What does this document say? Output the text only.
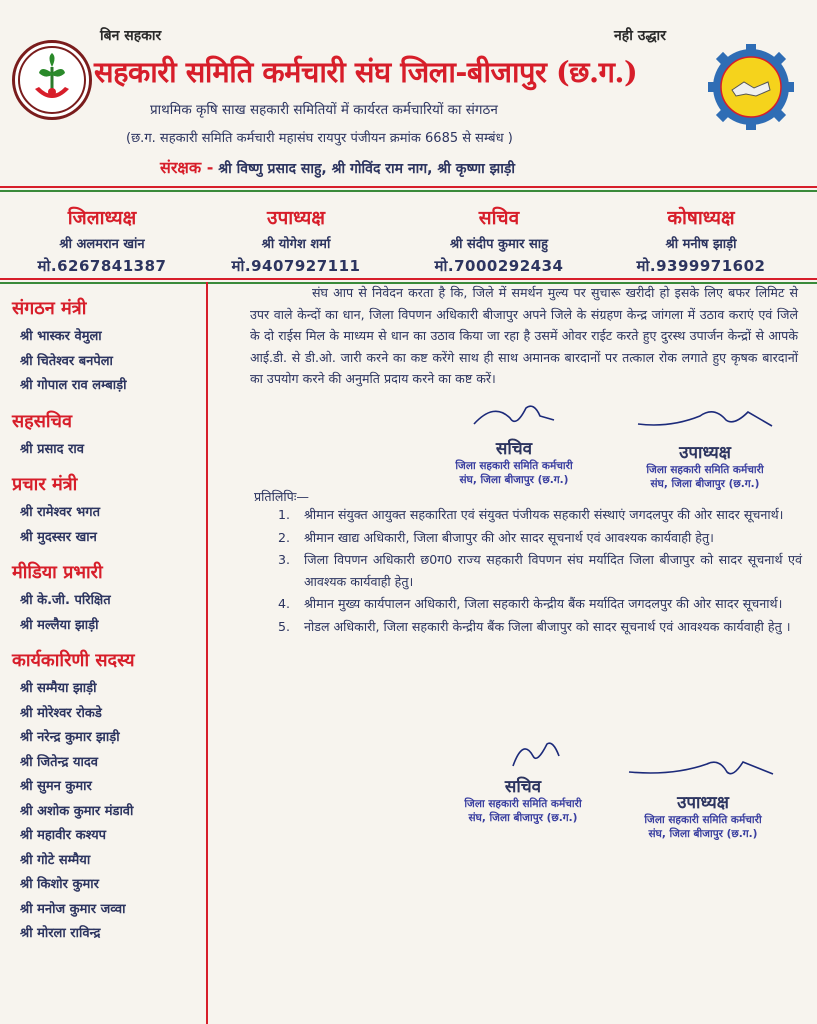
बिन सहकार	नही उद्धार
सहकारी समिति कर्मचारी संघ जिला-बीजापुर (छ.ग.)
प्राथमिक कृषि साख सहकारी समितियों में कार्यरत कर्मचारियों का संगठन
(छ.ग. सहकारी समिति कर्मचारी महासंघ रायपुर पंजीयन क्रमांक 6685 से सम्बंध )
संरक्षक - श्री विष्णु प्रसाद साहु, श्री गोविंद राम नाग, श्री कृष्णा झाड़ी
जिलाध्यक्ष
श्री अलमरान खांन
मो.6267841387
उपाध्यक्ष
श्री योगेश शर्मा
मो.9407927111
सचिव
श्री संदीप कुमार साहु
मो.7000292434
कोषाध्यक्ष
श्री मनीष झाड़ी
मो.9399971602
संगठन मंत्री
श्री भास्कर वेमुला
श्री चितेश्वर बनपेला
श्री गोपाल राव लम्बाड़ी
सहसचिव
श्री प्रसाद राव
प्रचार मंत्री
श्री रामेश्वर भगत
श्री मुदस्सर खान
मीडिया प्रभारी
श्री के.जी. परिक्षित
श्री मल्लैया झाड़ी
कार्यकारिणी सदस्य
श्री सम्मैया झाड़ी
श्री मोरेश्वर रोकडे
श्री नरेन्द्र कुमार झाड़ी
श्री जितेन्द्र यादव
श्री सुमन कुमार
श्री अशोक कुमार मंडावी
श्री महावीर कश्यप
श्री गोटे सम्मैया
श्री किशोर कुमार
श्री मनोज कुमार जव्वा
श्री मोरला राविन्द्र
संघ आप से निवेदन करता है कि, जिले में समर्थन मुल्य पर सुचारू खरीदी हो इसके लिए बफर लिमिट से उपर वाले केन्दों का धान, जिला विपणन अधिकारी बीजापुर अपने जिले के संग्रहण केन्द्र जांगला में उठाव कराएं एवं जिले के दो राईस मिल के माध्यम से धान का उठाव किया जा रहा है उसमें ओवर राईट करते हुए दुरस्थ उपार्जन केन्द्रों से आपके आई.डी. से डी.ओ. जारी करने का कष्ट करेंगे साथ ही साथ अमानक बारदानों पर तत्काल रोक लगाते हुए कृषक बारदानों का उपयोग करने की अनुमति प्रदाय करने का कष्ट करें।
सचिव
जिला सहकारी समिति कर्मचारी
संघ, जिला बीजापुर (छ.ग.)
उपाध्यक्ष
जिला सहकारी समिति कर्मचारी
संघ, जिला बीजापुर (छ.ग.)
प्रतिलिपिः—
1. श्रीमान संयुक्त आयुक्त सहकारिता एवं संयुक्त पंजीयक सहकारी संस्थाएं जगदलपुर की ओर सादर सूचनार्थ।
2. श्रीमान खाद्य अधिकारी, जिला बीजापुर की ओर सादर सूचनार्थ एवं आवश्यक कार्यवाही हेतु।
3. जिला विपणन अधिकारी छ0ग0 राज्य सहकारी विपणन संघ मर्यादित जिला बीजापुर को सादर सूचनार्थ एवं आवश्यक कार्यवाही हेतु।
4. श्रीमान मुख्य कार्यपालन अधिकारी, जिला सहकारी केन्द्रीय बैंक मर्यादित जगदलपुर की ओर सादर सूचनार्थ।
5. नोडल अधिकारी, जिला सहकारी केन्द्रीय बैंक जिला बीजापुर को सादर सूचनार्थ एवं आवश्यक कार्यवाही हेतु ।
सचिव
जिला सहकारी समिति कर्मचारी
संघ, जिला बीजापुर (छ.ग.)
उपाध्यक्ष
जिला सहकारी समिति कर्मचारी
संघ, जिला बीजापुर (छ.ग.)
